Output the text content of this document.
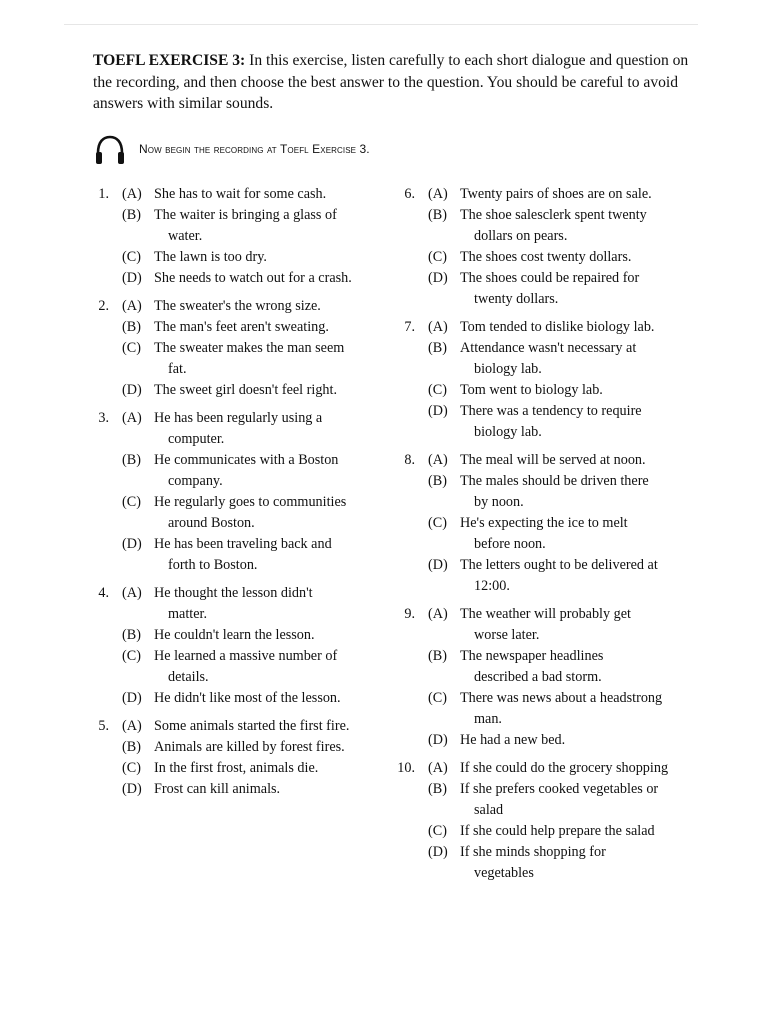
TOEFL EXERCISE 3: In this exercise, listen carefully to each short dialogue and question on the recording, and then choose the best answer to the question. You should be careful to avoid answers with similar sounds.
Now begin the recording at Toefl Exercise 3.
1. (A) She has to wait for some cash.
(B) The waiter is bringing a glass of
water.
(C) The lawn is too dry.
(D) She needs to watch out for a crash.
2. (A) The sweater's the wrong size.
(B) The man's feet aren't sweating.
(C) The sweater makes the man seem
fat.
(D) The sweet girl doesn't feel right.
3. (A) He has been regularly using a
computer.
(B) He communicates with a Boston
company.
(C) He regularly goes to communities
around Boston.
(D) He has been traveling back and
forth to Boston.
4. (A) He thought the lesson didn't
matter.
(B) He couldn't learn the lesson.
(C) He learned a massive number of
details.
(D) He didn't like most of the lesson.
5. (A) Some animals started the first fire.
(B) Animals are killed by forest fires.
(C) In the first frost, animals die.
(D) Frost can kill animals.
6. (A) Twenty pairs of shoes are on sale.
(B) The shoe salesclerk spent twenty
dollars on pears.
(C) The shoes cost twenty dollars.
(D) The shoes could be repaired for
twenty dollars.
7. (A) Tom tended to dislike biology lab.
(B) Attendance wasn't necessary at
biology lab.
(C) Tom went to biology lab.
(D) There was a tendency to require
biology lab.
8. (A) The meal will be served at noon.
(B) The males should be driven there
by noon.
(C) He's expecting the ice to melt
before noon.
(D) The letters ought to be delivered at
12:00.
9. (A) The weather will probably get
worse later.
(B) The newspaper headlines
described a bad storm.
(C) There was news about a headstrong
man.
(D) He had a new bed.
10. (A) If she could do the grocery shopping
(B) If she prefers cooked vegetables or
salad
(C) If she could help prepare the salad
(D) If she minds shopping for
vegetables
